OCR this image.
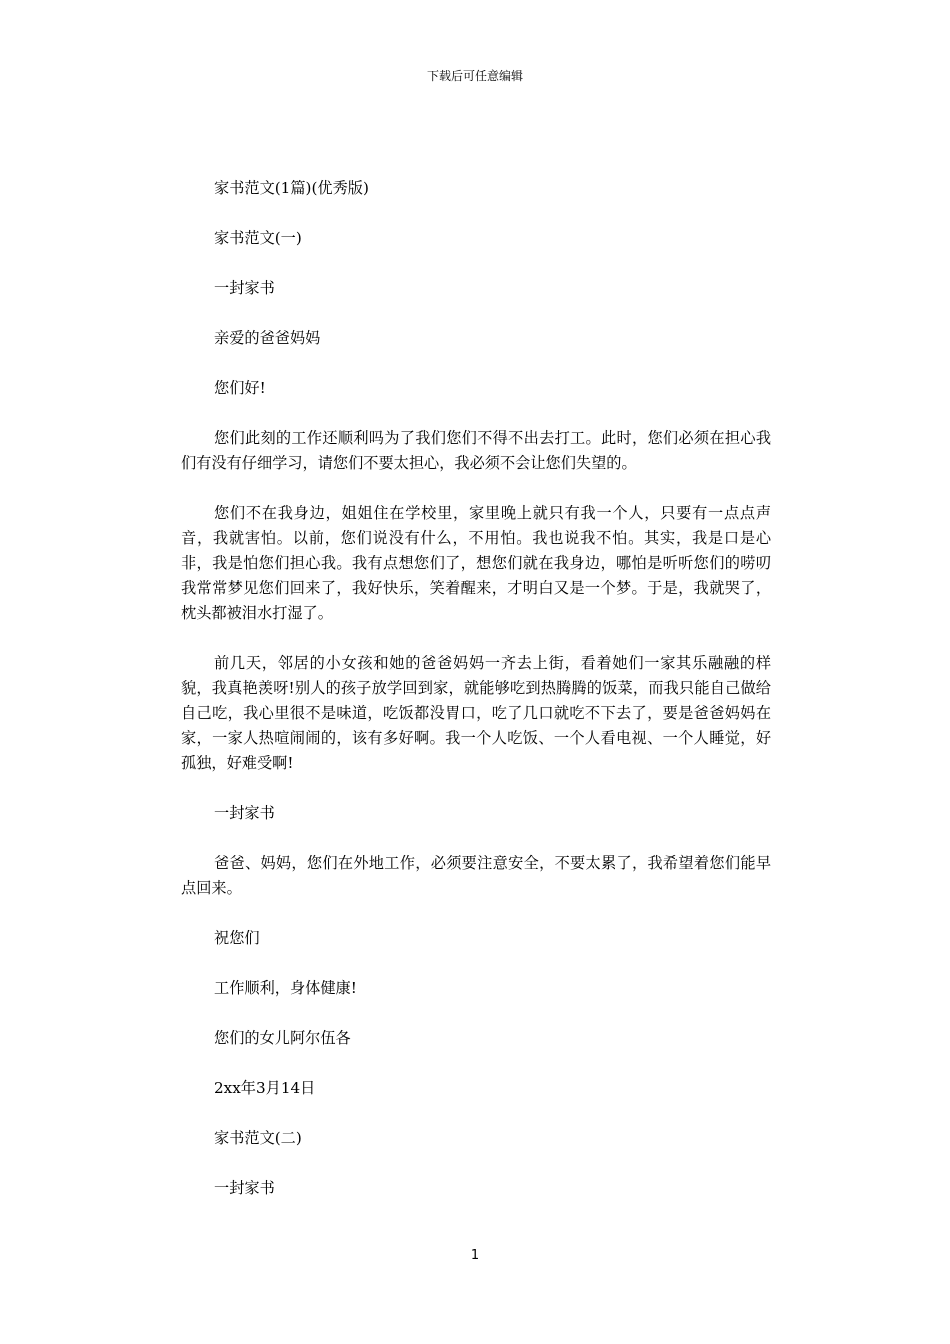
下载后可任意编辑

家书范文(1篇)(优秀版)

家书范文(一)

一封家书

亲爱的爸爸妈妈

您们好!

您们此刻的工作还顺利吗为了我们您们不得不出去打工。此时，您们必须在担心我们有没有仔细学习，请您们不要太担心，我必须不会让您们失望的。

您们不在我身边，姐姐住在学校里，家里晚上就只有我一个人，只要有一点点声音，我就害怕。以前，您们说没有什么，不用怕。我也说我不怕。其实，我是口是心非，我是怕您们担心我。我有点想您们了，想您们就在我身边，哪怕是听听您们的唠叨我常常梦见您们回来了，我好快乐，笑着醒来，才明白又是一个梦。于是，我就哭了，枕头都被泪水打湿了。

前几天，邻居的小女孩和她的爸爸妈妈一齐去上街，看着她们一家其乐融融的样貌，我真艳羡呀!别人的孩子放学回到家，就能够吃到热腾腾的饭菜，而我只能自己做给自己吃，我心里很不是味道，吃饭都没胃口，吃了几口就吃不下去了，要是爸爸妈妈在家，一家人热喧闹闹的，该有多好啊。我一个人吃饭、一个人看电视、一个人睡觉，好孤独，好难受啊!

一封家书

爸爸、妈妈，您们在外地工作，必须要注意安全，不要太累了，我希望着您们能早点回来。

祝您们

工作顺利，身体健康!

您们的女儿阿尔伍各

2xx年3月14日

家书范文(二)

一封家书

1
